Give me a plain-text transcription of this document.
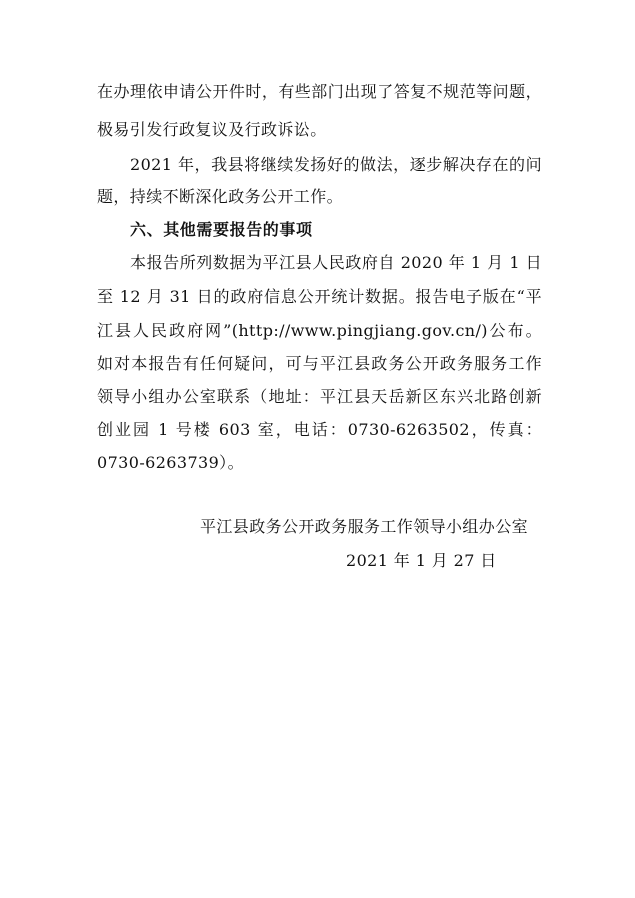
在办理依申请公开件时，有些部门出现了答复不规范等问题，
极易引发行政复议及行政诉讼。
2021 年，我县将继续发扬好的做法，逐步解决存在的问
题，持续不断深化政务公开工作。
六、其他需要报告的事项
本报告所列数据为平江县人民政府自 2020 年 1 月 1 日
至 12 月 31 日的政府信息公开统计数据。报告电子版在“平
江县人民政府网”(http://www.pingjiang.gov.cn/)公布。
如对本报告有任何疑问，可与平江县政务公开政务服务工作
领导小组办公室联系（地址：平江县天岳新区东兴北路创新
创业园 1 号楼 603 室，电话：0730-6263502，传真：
0730-6263739）。
平江县政务公开政务服务工作领导小组办公室
2021 年 1 月 27 日
